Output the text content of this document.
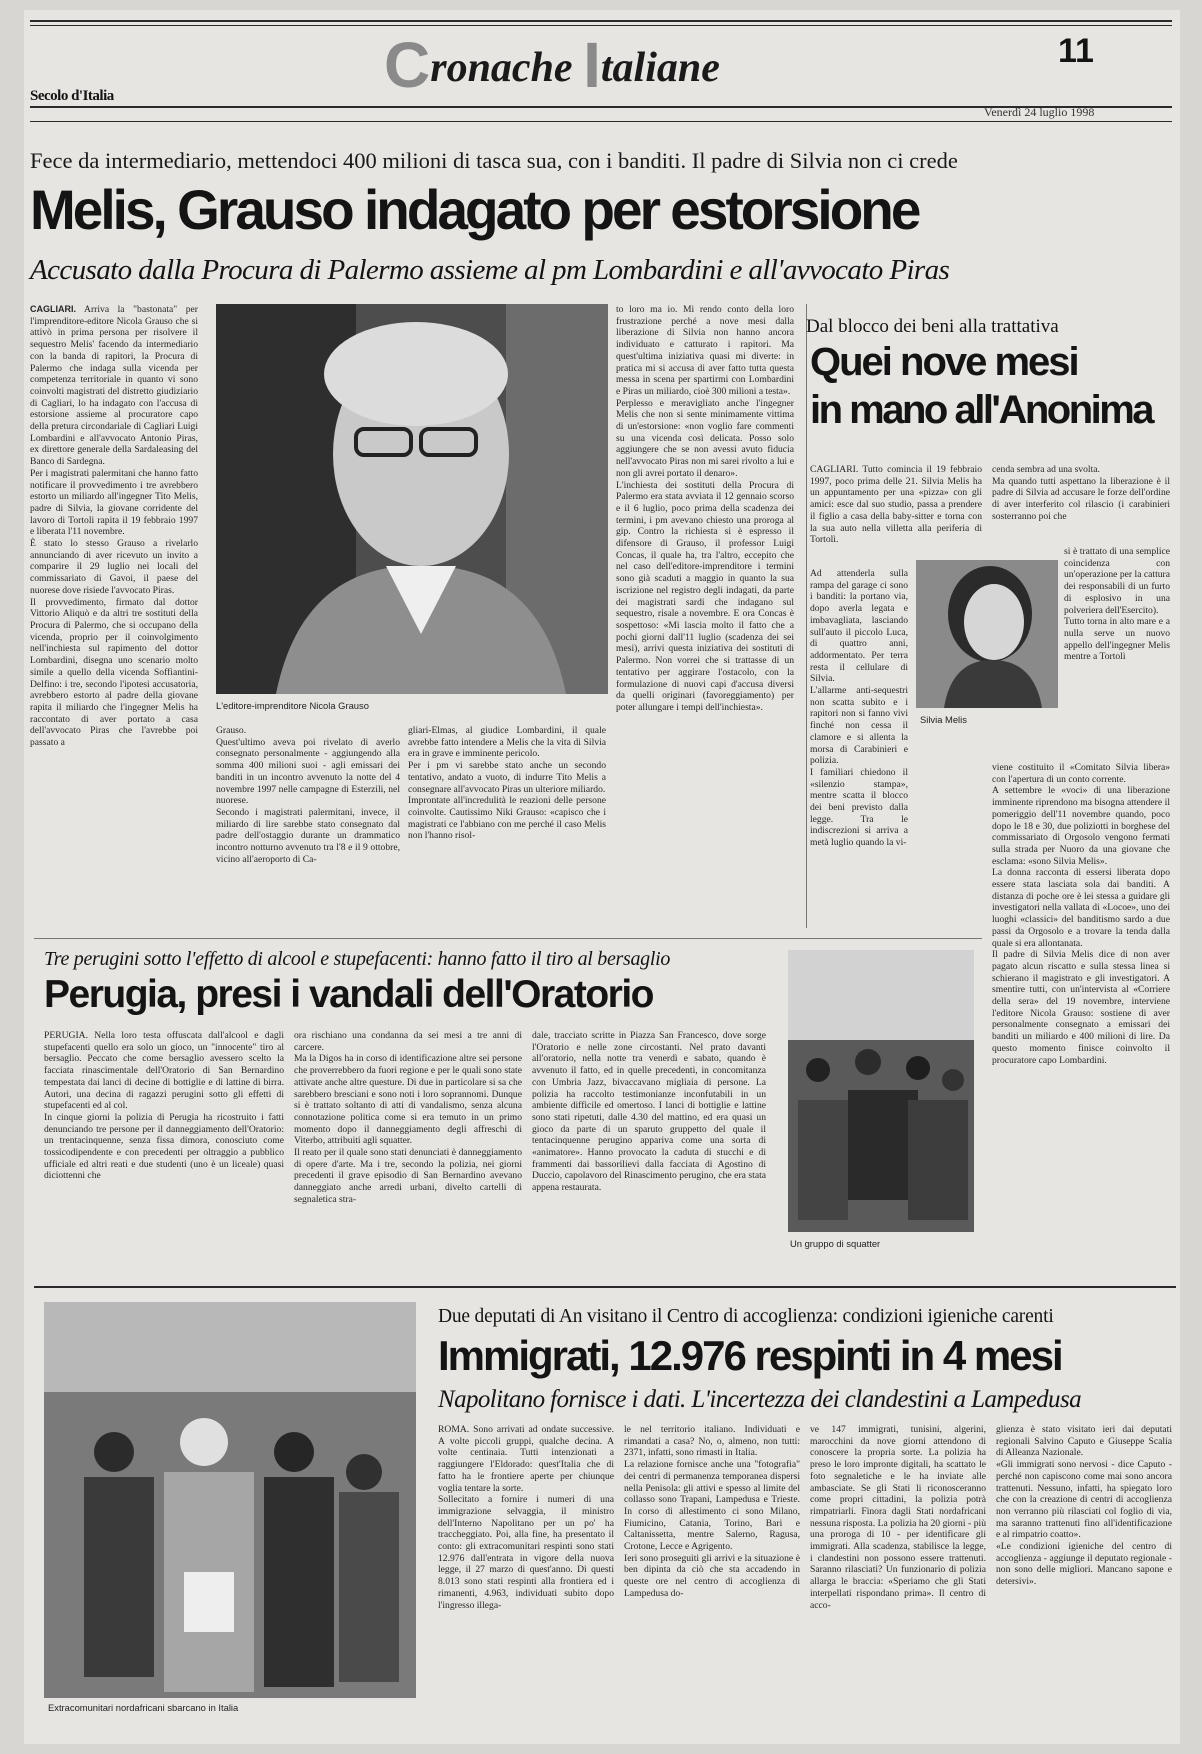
Cronache Italiane	11
Secolo d'Italia
Venerdì 24 luglio 1998
Fece da intermediario, mettendoci 400 milioni di tasca sua, con i banditi. Il padre di Silvia non ci crede
Melis, Grauso indagato per estorsione
Accusato dalla Procura di Palermo assieme al pm Lombardini e all'avvocato Piras
CAGLIARI. Arriva la "bastonata" per l'imprenditore-editore Nicola Grauso che si attivò in prima persona per risolvere il sequestro Melis' facendo da intermediario con la banda di rapitori, la Procura di Palermo che indaga sulla vicenda per competenza territoriale in quanto vi sono coinvolti magistrati del distretto giudiziario di Cagliari, lo ha indagato con l'accusa di estorsione assieme al procuratore capo della pretura circondariale di Cagliari Luigi Lombardini e all'avvocato Antonio Piras, ex direttore generale della Sardaleasing del Banco di Sardegna.
Per i magistrati palermitani che hanno fatto notificare il provvedimento i tre avrebbero estorto un miliardo all'ingegner Tito Melis, padre di Silvia, la giovane corridente del lavoro di Tortolì rapita il 19 febbraio 1997 e liberata l'11 novembre.
È stato lo stesso Grauso a rivelarlo annunciando di aver ricevuto un invito a comparire il 29 luglio nei locali del commissariato di Gavoi, il paese del nuorese dove risiede l'avvocato Piras.
Il provvedimento, firmato dal dottor Vittorio Aliquò e da altri tre sostituti della Procura di Palermo, che si occupano della vicenda, proprio per il coinvolgimento nell'inchiesta sul rapimento del dottor Lombardini, disegna uno scenario molto simile a quello della vicenda Soffiantini-Delfino: i tre, secondo l'ipotesi accusatoria, avrebbero estorto al padre della giovane rapita il miliardo che l'ingegner Melis ha raccontato di aver portato a casa dell'avvocato Piras che l'avrebbe poi passato a
L'editore-imprenditore Nicola Grauso
Grauso.
Quest'ultimo aveva poi rivelato di averlo consegnato personalmente - aggiungendo alla somma 400 milioni suoi - agli emissari dei banditi in un incontro avvenuto la notte del 4 novembre 1997 nelle campagne di Esterzili, nel nuorese.
Secondo i magistrati palermitani, invece, il miliardo di lire sarebbe stato consegnato dal padre dell'ostaggio durante un drammatico incontro notturno avvenuto tra l'8 e il 9 ottobre, vicino all'aeroporto di Ca-
gliari-Elmas, al giudice Lombardini, il quale avrebbe fatto intendere a Melis che la vita di Silvia era in grave e imminente pericolo.
Per i pm vi sarebbe stato anche un secondo tentativo, andato a vuoto, di indurre Tito Melis a consegnare all'avvocato Piras un ulteriore miliardo.
Improntate all'incredulità le reazioni delle persone coinvolte. Cautissimo Niki Grauso: «capisco che i magistrati ce l'abbiano con me perché il caso Melis non l'hanno risol-
to loro ma io. Mi rendo conto della loro frustrazione perché a nove mesi dalla liberazione di Silvia non hanno ancora individuato e catturato i rapitori. Ma quest'ultima iniziativa quasi mi diverte: in pratica mi si accusa di aver fatto tutta questa messa in scena per spartirmi con Lombardini e Piras un miliardo, cioè 300 milioni a testa».
Perplesso e meravigliato anche l'ingegner Melis che non si sente minimamente vittima di un'estorsione: «non voglio fare commenti su una vicenda così delicata. Posso solo aggiungere che se non avessi avuto fiducia nell'avvocato Piras non mi sarei rivolto a lui e non gli avrei portato il denaro».
L'inchiesta dei sostituti della Procura di Palermo era stata avviata il 12 gennaio scorso e il 6 luglio, poco prima della scadenza dei termini, i pm avevano chiesto una proroga al gip. Contro la richiesta si è espresso il difensore di Grauso, il professor Luigi Concas, il quale ha, tra l'altro, eccepito che nel caso dell'editore-imprenditore i termini sono già scaduti a maggio in quanto la sua iscrizione nel registro degli indagati, da parte dei magistrati sardi che indagano sul sequestro, risale a novembre. E ora Concas è sospettoso: «Mi lascia molto il fatto che a pochi giorni dall'11 luglio (scadenza dei sei mesi), arrivi questa iniziativa dei sostituti di Palermo. Non vorrei che si trattasse di un tentativo per aggirare l'ostacolo, con la formulazione di nuovi capi d'accusa diversi da quelli originari (favoreggiamento) per poter allungare i tempi dell'inchiesta».
Dal blocco dei beni alla trattativa
Quei nove mesi
in mano all'Anonima
CAGLIARI. Tutto comincia il 19 febbraio 1997, poco prima delle 21. Silvia Melis ha un appuntamento per una «pizza» con gli amici: esce dal suo studio, passa a prendere il figlio a casa della baby-sitter e torna con la sua auto nella villetta alla periferia di Tortolì.
Silvia Melis
Ad attenderla sulla rampa del garage ci sono i banditi: la portano via, dopo averla legata e imbavagliata, lasciando sull'auto il piccolo Luca, di quattro anni, addormentato. Per terra resta il cellulare di Silvia.
L'allarme anti-sequestri non scatta subito e i rapitori non si fanno vivi finché non cessa il clamore e si allenta la morsa di Carabinieri e polizia.
I familiari chiedono il «silenzio stampa», mentre scatta il blocco dei beni previsto dalla legge. Tra le indiscrezioni si arriva a metà luglio quando la vi-
cenda sembra ad una svolta.
Ma quando tutti aspettano la liberazione è il padre di Silvia ad accusare le forze dell'ordine di aver interferito col rilascio (i carabinieri sosterranno poi che
si è trattato di una semplice coincidenza con un'operazione per la cattura dei responsabili di un furto di esplosivo in una polveriera dell'Esercito).
Tutto torna in alto mare e a nulla serve un nuovo appello dell'ingegner Melis mentre a Tortolì
viene costituito il «Comitato Silvia libera» con l'apertura di un conto corrente.
A settembre le «voci» di una liberazione imminente riprendono ma bisogna attendere il pomeriggio dell'11 novembre quando, poco dopo le 18 e 30, due poliziotti in borghese del commissariato di Orgosolo vengono fermati sulla strada per Nuoro da una giovane che esclama: «sono Silvia Melis».
La donna racconta di essersi liberata dopo essere stata lasciata sola dai banditi. A distanza di poche ore è lei stessa a guidare gli investigatori nella vallata di «Locoe», uno dei luoghi «classici» del banditismo sardo a due passi da Orgosolo e a trovare la tenda dalla quale si era allontanata.
Il padre di Silvia Melis dice di non aver pagato alcun riscatto e sulla stessa linea si schierano il magistrato e gli investigatori. A smentire tutti, con un'intervista al «Corriere della sera» del 19 novembre, interviene l'editore Nicola Grauso: sostiene di aver personalmente consegnato a emissari dei banditi un miliardo e 400 milioni di lire. Da questo momento finisce coinvolto il procuratore capo Lombardini.
Tre perugini sotto l'effetto di alcool e stupefacenti: hanno fatto il tiro al bersaglio
Perugia, presi i vandali dell'Oratorio
PERUGIA. Nella loro testa offuscata dall'alcool e dagli stupefacenti quello era solo un gioco, un "innocente" tiro al bersaglio. Peccato che come bersaglio avessero scelto la facciata rinascimentale dell'Oratorio di San Bernardino tempestata dai lanci di decine di bottiglie e di lattine di birra. Autori, una decina di ragazzi perugini sotto gli effetti di stupefacenti ed al col.
In cinque giorni la polizia di Perugia ha ricostruito i fatti denunciando tre persone per il danneggiamento dell'Oratorio: un trentacinquenne, senza fissa dimora, conosciuto come tossicodipendente e con precedenti per oltraggio a pubblico ufficiale ed altri reati e due studenti (uno è un liceale) quasi diciottenni che
ora rischiano una condanna da sei mesi a tre anni di carcere.
Ma la Digos ha in corso di identificazione altre sei persone che proverrebbero da fuori regione e per le quali sono state attivate anche altre questure. Di due in particolare si sa che sarebbero bresciani e sono noti i loro soprannomi. Dunque si è trattato soltanto di atti di vandalismo, senza alcuna connotazione politica come si era temuto in un primo momento dopo il danneggiamento degli affreschi di Viterbo, attribuiti agli squatter.
Il reato per il quale sono stati denunciati è danneggiamento di opere d'arte. Ma i tre, secondo la polizia, nei giorni precedenti il grave episodio di San Bernardino avevano danneggiato anche arredi urbani, divelto cartelli di segnaletica stra-
dale, tracciato scritte in Piazza San Francesco, dove sorge l'Oratorio e nelle zone circostanti. Nel prato davanti all'oratorio, nella notte tra venerdì e sabato, quando è avvenuto il fatto, ed in quelle precedenti, in concomitanza con Umbria Jazz, bivaccavano migliaia di persone. La polizia ha raccolto testimonianze inconfutabili in un ambiente difficile ed omertoso. I lanci di bottiglie e lattine sono stati ripetuti, dalle 4.30 del mattino, ed era quasi un gioco da parte di un sparuto gruppetto del quale il tentacinquenne perugino appariva come una sorta di «animatore». Hanno provocato la caduta di stucchi e di frammenti dai bassorilievi dalla facciata di Agostino di Duccio, capolavoro del Rinascimento perugino, che era stata appena restaurata.
Un gruppo di squatter
Extracomunitari nordafricani sbarcano in Italia
Due deputati di An visitano il Centro di accoglienza: condizioni igieniche carenti
Immigrati, 12.976 respinti in 4 mesi
Napolitano fornisce i dati. L'incertezza dei clandestini a Lampedusa
ROMA. Sono arrivati ad ondate successive. A volte piccoli gruppi, qualche decina. A volte centinaia. Tutti intenzionati a raggiungere l'Eldorado: quest'Italia che di fatto ha le frontiere aperte per chiunque voglia tentare la sorte.
Sollecitato a fornire i numeri di una immigrazione selvaggia, il ministro dell'Interno Napolitano per un po' ha traccheggiato. Poi, alla fine, ha presentato il conto: gli extracomunitari respinti sono stati 12.976 dall'entrata in vigore della nuova legge, il 27 marzo di quest'anno. Di questi 8.013 sono stati respinti alla frontiera ed i rimanenti, 4.963, individuati subito dopo l'ingresso illega-
le nel territorio italiano. Individuati e rimandati a casa? No, o, almeno, non tutti: 2371, infatti, sono rimasti in Italia.
La relazione fornisce anche una "fotografia" dei centri di permanenza temporanea dispersi nella Penisola: gli attivi e spesso al limite del collasso sono Trapani, Lampedusa e Trieste. In corso di allestimento ci sono Milano, Fiumicino, Catania, Torino, Bari e Caltanissetta, mentre Salerno, Ragusa, Crotone, Lecce e Agrigento.
Ieri sono proseguiti gli arrivi e la situazione è ben dipinta da ciò che sta accadendo in queste ore nel centro di accoglienza di Lampedusa do-
ve 147 immigrati, tunisini, algerini, marocchini da nove giorni attendono di conoscere la propria sorte. La polizia ha preso le loro impronte digitali, ha scattato le foto segnaletiche e le ha inviate alle ambasciate. Se gli Stati li riconosceranno come propri cittadini, la polizia potrà rimpatriarli. Finora dagli Stati nordafricani nessuna risposta. La polizia ha 20 giorni - più una proroga di 10 - per identificare gli immigrati. Alla scadenza, stabilisce la legge, i clandestini non possono essere trattenuti. Saranno rilasciati? Un funzionario di polizia allarga le braccia: «Speriamo che gli Stati interpellati rispondano prima». Il centro di acco-
glienza è stato visitato ieri dai deputati regionali Salvino Caputo e Giuseppe Scalia di Alleanza Nazionale.
«Gli immigrati sono nervosi - dice Caputo - perché non capiscono come mai sono ancora trattenuti. Nessuno, infatti, ha spiegato loro che con la creazione di centri di accoglienza non verranno più rilasciati col foglio di via, ma saranno trattenuti fino all'identificazione e al rimpatrio coatto».
«Le condizioni igieniche del centro di accoglienza - aggiunge il deputato regionale - non sono delle migliori. Mancano sapone e detersivi».
